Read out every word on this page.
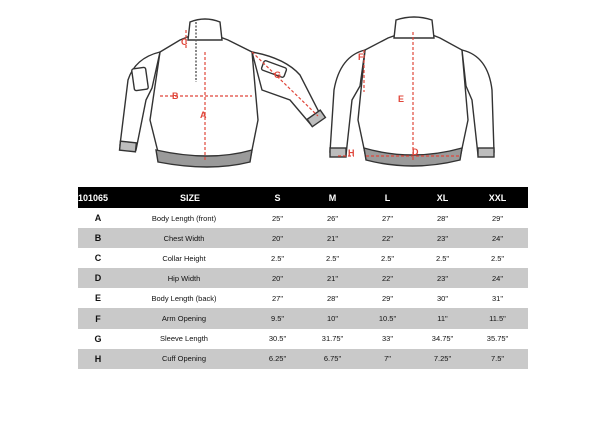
C
G
B
A
F
E
H	D
101065	SIZE	S	M	L	XL	XXL
A	Body Length (front)	25"	26"	27"	28"	29"
B	Chest Width	20"	21"	22"	23"	24"
C	Collar Height	2.5"	2.5"	2.5"	2.5"	2.5"
D	Hip Width	20"	21"	22"	23"	24"
E	Body Length (back)	27"	28"	29"	30"	31"
F	Arm Opening	9.5"	10"	10.5"	11"	11.5"
G	Sleeve Length	30.5"	31.75"	33"	34.75"	35.75"
H	Cuff Opening	6.25"	6.75"	7"	7.25"	7.5"
